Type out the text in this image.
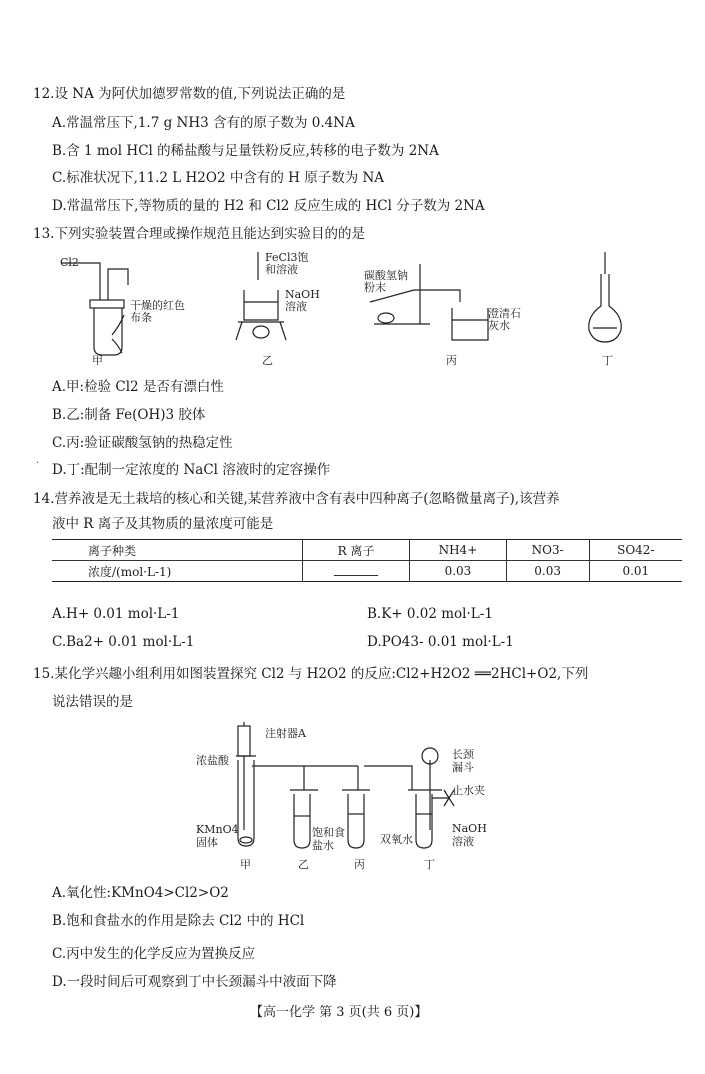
12.设 NA 为阿伏加德罗常数的值,下列说法正确的是
A.常温常压下,1.7 g NH3 含有的原子数为 0.4NA
B.含 1 mol HCl 的稀盐酸与足量铁粉反应,转移的电子数为 2NA
C.标准状况下,11.2 L H2O2 中含有的 H 原子数为 NA
D.常温常压下,等物质的量的 H2 和 Cl2 反应生成的 HCl 分子数为 2NA
13.下列实验装置合理或操作规范且能达到实验目的的是
Cl2
干燥的红色布条
甲
FeCl3饱和溶液
NaOH溶液
乙
碳酸氢钠粉末
澄清石灰水
丙	丁
A.甲:检验 Cl2 是否有漂白性
B.乙:制备 Fe(OH)3 胶体
C.丙:验证碳酸氢钠的热稳定性
· D.丁:配制一定浓度的 NaCl 溶液时的定容操作
14.营养液是无土栽培的核心和关键,某营养液中含有表中四种离子(忽略微量离子),该营养
液中 R 离子及其物质的量浓度可能是
离子种类	R 离子	NH4+	NO3-	SO42-
浓度/(mol·L-1)		0.03	0.03	0.01
A.H+ 0.01 mol·L-1	B.K+ 0.02 mol·L-1
C.Ba2+ 0.01 mol·L-1	D.PO43- 0.01 mol·L-1
15.某化学兴趣小组利用如图装置探究 Cl2 与 H2O2 的反应:Cl2+H2O2 ══2HCl+O2,下列
说法错误的是
注射器A
浓盐酸	长颈漏斗
止水夹
KMnO4固体
饱和食盐水	双氧水
NaOH溶液
甲	乙	丙	丁
A.氧化性:KMnO4>Cl2>O2
B.饱和食盐水的作用是除去 Cl2 中的 HCl
C.丙中发生的化学反应为置换反应
D.一段时间后可观察到丁中长颈漏斗中液面下降
【高一化学 第 3 页(共 6 页)】
